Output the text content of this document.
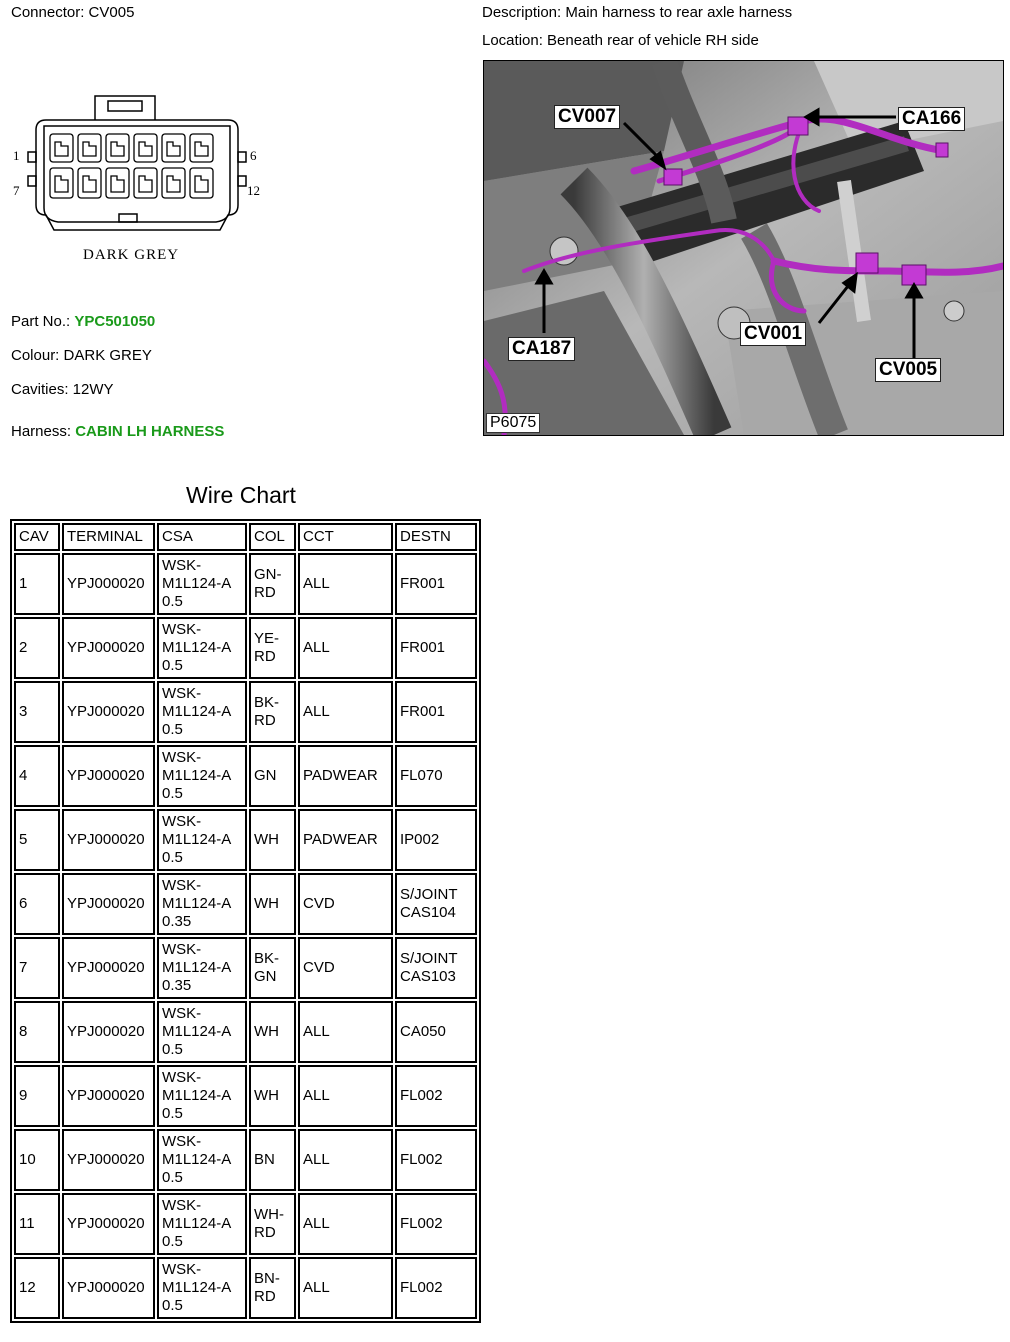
Connector: CV005	Description: Main harness to rear axle harness
Location: Beneath rear of vehicle RH side
1	6
7	12
DARK GREY
Part No.: YPC501050
Colour: DARK GREY
Cavities: 12WY
Harness: CABIN LH HARNESS
CV007	CA166
CA187
CV001
CV005
P6075
Wire Chart
CAV	TERMINAL	CSA	COL	CCT	DESTN
1	YPJ000020	WSK-
M1L124-A
0.5	GN-
RD	ALL	FR001
2	YPJ000020	WSK-
M1L124-A
0.5	YE-
RD	ALL	FR001
3	YPJ000020	WSK-
M1L124-A
0.5	BK-
RD	ALL	FR001
4	YPJ000020	WSK-
M1L124-A
0.5	GN	PADWEAR	FL070
5	YPJ000020	WSK-
M1L124-A
0.5	WH	PADWEAR	IP002
6	YPJ000020	WSK-
M1L124-A
0.35	WH	CVD	S/JOINT
CAS104
7	YPJ000020	WSK-
M1L124-A
0.35	BK-
GN	CVD	S/JOINT
CAS103
8	YPJ000020	WSK-
M1L124-A
0.5	WH	ALL	CA050
9	YPJ000020	WSK-
M1L124-A
0.5	WH	ALL	FL002
10	YPJ000020	WSK-
M1L124-A
0.5	BN	ALL	FL002
11	YPJ000020	WSK-
M1L124-A
0.5	WH-
RD	ALL	FL002
12	YPJ000020	WSK-
M1L124-A
0.5	BN-
RD	ALL	FL002
